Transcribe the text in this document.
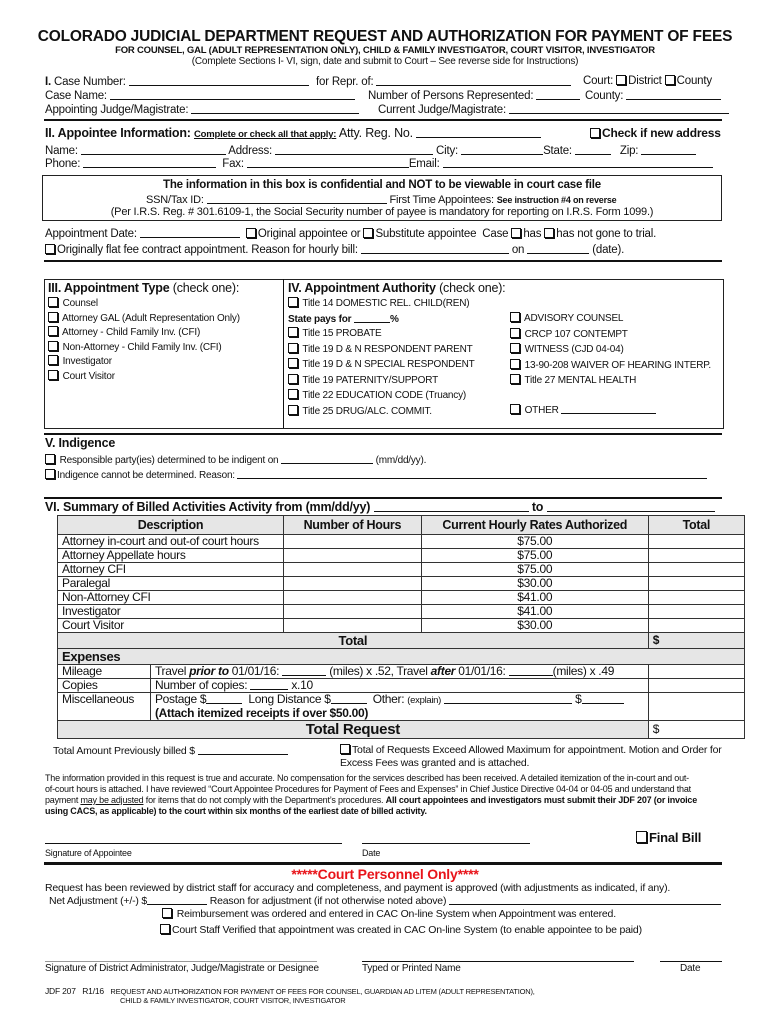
COLORADO JUDICIAL DEPARTMENT REQUEST AND AUTHORIZATION FOR PAYMENT OF FEES
FOR COUNSEL, GAL (ADULT REPRESENTATION ONLY), CHILD & FAMILY INVESTIGATOR, COURT VISITOR, INVESTIGATOR
(Complete Sections I- VI, sign, date and submit to Court – See reverse side for Instructions)
I. Case Number:	for Repr. of:	Court: District County
Case Name:	Number of Persons Represented:	County:
Appointing Judge/Magistrate:	Current Judge/Magistrate:
II. Appointee Information: Complete or check all that apply: Atty. Reg. No.	Check if new address
Name:	Address:	City:	State:	Zip:
Phone:	Fax:	Email:
The information in this box is confidential and NOT to be viewable in court case file
SSN/Tax ID:	First Time Appointees: See instruction #4 on reverse
(Per I.R.S. Reg. # 301.6109-1, the Social Security number of payee is mandatory for reporting on I.R.S. Form 1099.)
Appointment Date:	Original appointee or Substitute appointee Case has has not gone to trial.
Originally flat fee contract appointment. Reason for hourly bill:	on	(date).
III. Appointment Type (check one):
Counsel
Attorney GAL (Adult Representation Only)
Attorney - Child Family Inv. (CFI)
Non-Attorney - Child Family Inv. (CFI)
Investigator
Court Visitor
IV. Appointment Authority (check one):
Title 14 DOMESTIC REL. CHILD(REN)
State pays for	%
Title 15 PROBATE
Title 19 D & N RESPONDENT PARENT
Title 19 D & N SPECIAL RESPONDENT
Title 19 PATERNITY/SUPPORT
Title 22 EDUCATION CODE (Truancy)
Title 25 DRUG/ALC. COMMIT.
ADVISORY COUNSEL
CRCP 107 CONTEMPT
WITNESS (CJD 04-04)
13-90-208 WAIVER OF HEARING INTERP.
Title 27 MENTAL HEALTH
OTHER
V. Indigence
Responsible party(ies) determined to be indigent on	(mm/dd/yy).
Indigence cannot be determined. Reason:
VI. Summary of Billed Activities Activity from (mm/dd/yy)	to
Description		Number of Hours	Current Hourly Rates Authorized	Total
Attorney in-court and out-of court hours			$75.00	
Attorney Appellate hours			$75.00	
Attorney CFI			$75.00	
Paralegal			$30.00	
Non-Attorney CFI			$41.00	
Investigator			$41.00	
Court Visitor			$30.00	
Total				$
Expenses				
Mileage	Travel prior to 01/01/16: (miles) x .52, Travel after 01/01/16: (miles) x .49			
Copies	Number of copies: x.10			
Miscellaneous	Postage $ Long Distance $ Other: (explain) $
(Attach itemized receipts if over $50.00)			
Total Request				$
Total Amount Previously billed $	Total of Requests Exceed Allowed Maximum for appointment. Motion and Order for
Excess Fees was granted and is attached.
The information provided in this request is true and accurate. No compensation for the services described has been received. A detailed itemization of the in-court and out-
of-court hours is attached. I have reviewed “Court Appointee Procedures for Payment of Fees and Expenses” in Chief Justice Directive 04-04 or 04-05 and understand that
payment may be adjusted for items that do not comply with the Department’s procedures. All court appointees and investigators must submit their JDF 207 (or invoice
using CACS, as applicable) to the court within six months of the earliest date of billed activity.
Signature of Appointee	Date
Final Bill
*****Court Personnel Only****
Request has been reviewed by district staff for accuracy and completeness, and payment is approved (with adjustments as indicated, if any).
Net Adjustment (+/-) $	Reason for adjustment (if not otherwise noted above)
Reimbursement was ordered and entered in CAC On-line System when Appointment was entered.
Court Staff Verified that appointment was created in CAC On-line System (to enable appointee to be paid)
Signature of District Administrator, Judge/Magistrate or Designee	Typed or Printed Name	Date
JDF 207 R1/16 REQUEST AND AUTHORIZATION FOR PAYMENT OF FEES FOR COUNSEL, GUARDIAN AD LITEM (ADULT REPRESENTATION),
CHILD & FAMILY INVESTIGATOR, COURT VISITOR, INVESTIGATOR
